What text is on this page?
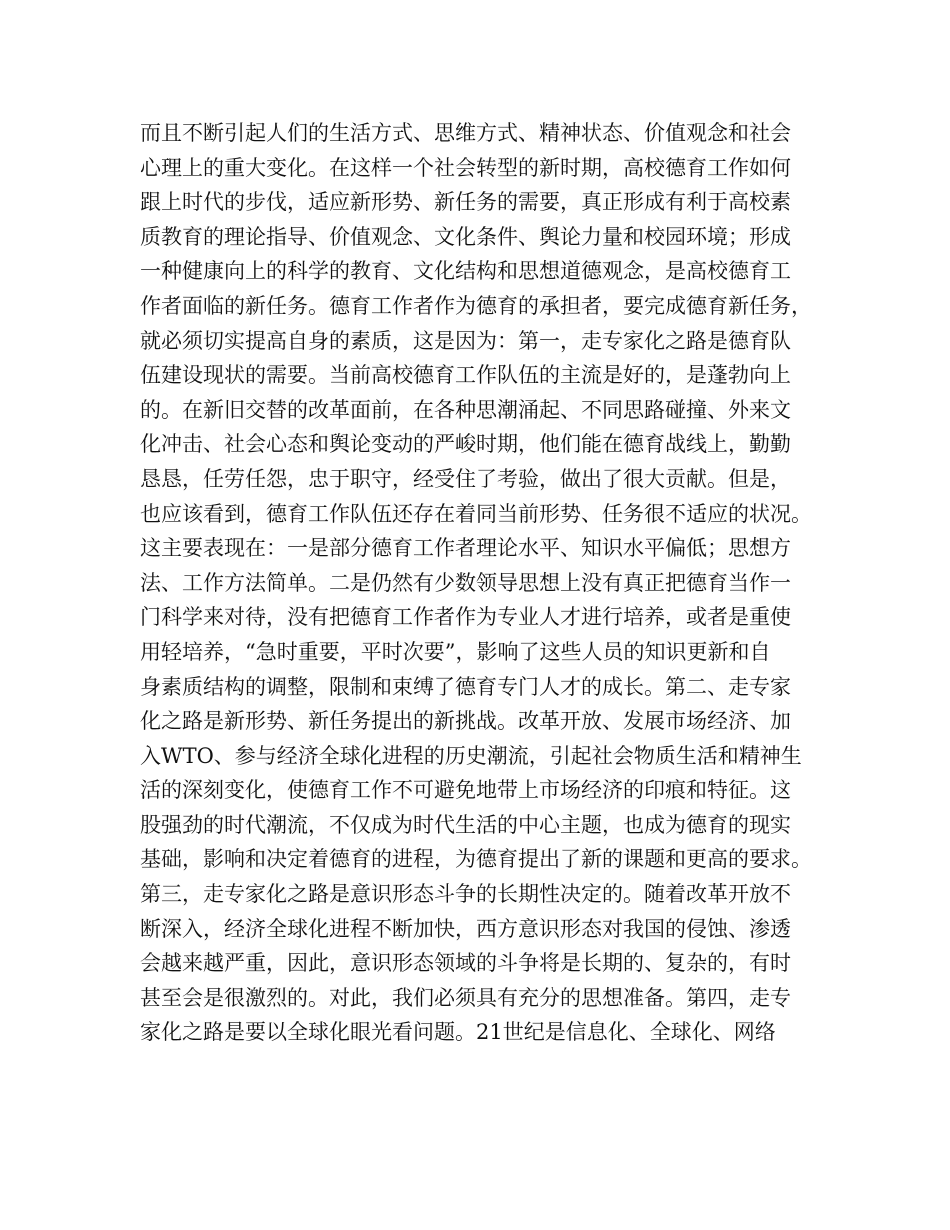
而且不断引起人们的生活方式、思维方式、精神状态、价值观念和社会
心理上的重大变化。在这样一个社会转型的新时期，高校德育工作如何
跟上时代的步伐，适应新形势、新任务的需要，真正形成有利于高校素
质教育的理论指导、价值观念、文化条件、舆论力量和校园环境；形成
一种健康向上的科学的教育、文化结构和思想道德观念，是高校德育工
作者面临的新任务。德育工作者作为德育的承担者，要完成德育新任务，
就必须切实提高自身的素质，这是因为：第一，走专家化之路是德育队
伍建设现状的需要。当前高校德育工作队伍的主流是好的，是蓬勃向上
的。在新旧交替的改革面前，在各种思潮涌起、不同思路碰撞、外来文
化冲击、社会心态和舆论变动的严峻时期，他们能在德育战线上，勤勤
恳恳，任劳任怨，忠于职守，经受住了考验，做出了很大贡献。但是，
也应该看到，德育工作队伍还存在着同当前形势、任务很不适应的状况。
这主要表现在：一是部分德育工作者理论水平、知识水平偏低；思想方
法、工作方法简单。二是仍然有少数领导思想上没有真正把德育当作一
门科学来对待，没有把德育工作者作为专业人才进行培养，或者是重使
用轻培养，“急时重要，平时次要”，影响了这些人员的知识更新和自
身素质结构的调整，限制和束缚了德育专门人才的成长。第二、走专家
化之路是新形势、新任务提出的新挑战。改革开放、发展市场经济、加
入WTO、参与经济全球化进程的历史潮流，引起社会物质生活和精神生
活的深刻变化，使德育工作不可避免地带上市场经济的印痕和特征。这
股强劲的时代潮流，不仅成为时代生活的中心主题，也成为德育的现实
基础，影响和决定着德育的进程，为德育提出了新的课题和更高的要求。
第三，走专家化之路是意识形态斗争的长期性决定的。随着改革开放不
断深入，经济全球化进程不断加快，西方意识形态对我国的侵蚀、渗透
会越来越严重，因此，意识形态领域的斗争将是长期的、复杂的，有时
甚至会是很激烈的。对此，我们必须具有充分的思想准备。第四，走专
家化之路是要以全球化眼光看问题。21世纪是信息化、全球化、网络
